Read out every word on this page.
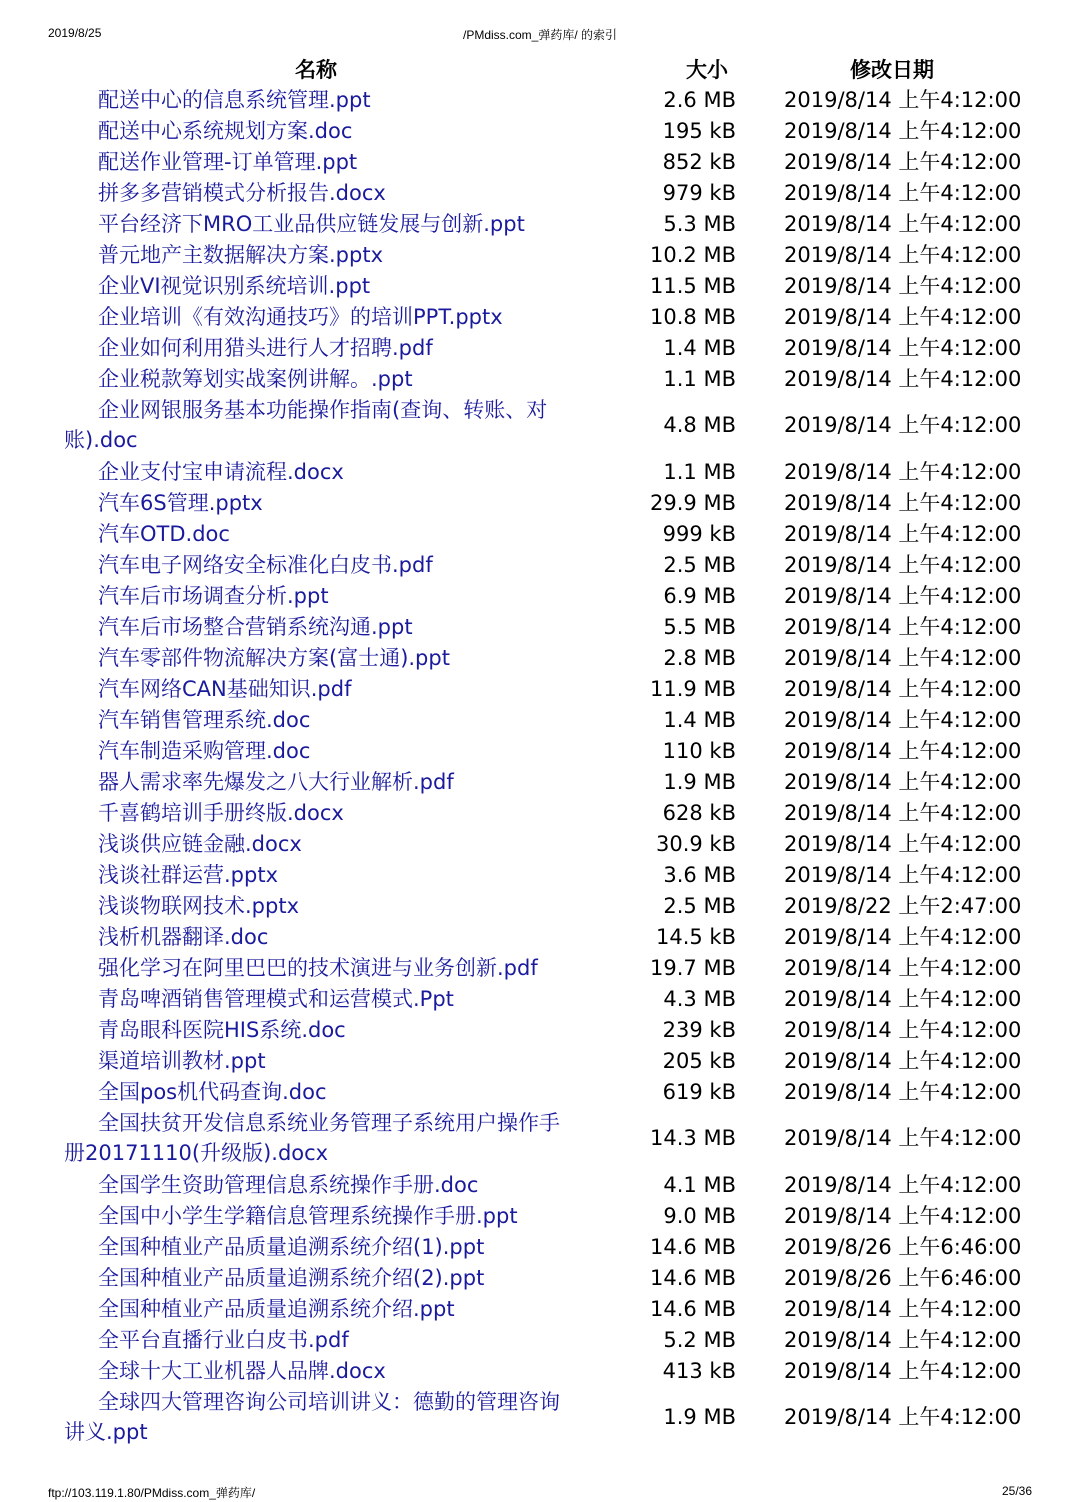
2019/8/25	/PMdiss.com_弹药库/ 的索引
名称	大小	修改日期
配送中心的信息系统管理.ppt	2.6 MB	2019/8/14 上午4:12:00
配送中心系统规划方案.doc	195 kB	2019/8/14 上午4:12:00
配送作业管理-订单管理.ppt	852 kB	2019/8/14 上午4:12:00
拼多多营销模式分析报告.docx	979 kB	2019/8/14 上午4:12:00
平台经济下MRO工业品供应链发展与创新.ppt	5.3 MB	2019/8/14 上午4:12:00
普元地产主数据解决方案.pptx	10.2 MB	2019/8/14 上午4:12:00
企业VI视觉识别系统培训.ppt	11.5 MB	2019/8/14 上午4:12:00
企业培训《有效沟通技巧》的培训PPT.pptx	10.8 MB	2019/8/14 上午4:12:00
企业如何利用猎头进行人才招聘.pdf	1.4 MB	2019/8/14 上午4:12:00
企业税款筹划实战案例讲解。.ppt	1.1 MB	2019/8/14 上午4:12:00
企业网银服务基本功能操作指南(查询、转账、对账).doc	4.8 MB	2019/8/14 上午4:12:00
企业支付宝申请流程.docx	1.1 MB	2019/8/14 上午4:12:00
汽车6S管理.pptx	29.9 MB	2019/8/14 上午4:12:00
汽车OTD.doc	999 kB	2019/8/14 上午4:12:00
汽车电子网络安全标准化白皮书.pdf	2.5 MB	2019/8/14 上午4:12:00
汽车后市场调查分析.ppt	6.9 MB	2019/8/14 上午4:12:00
汽车后市场整合营销系统沟通.ppt	5.5 MB	2019/8/14 上午4:12:00
汽车零部件物流解决方案(富士通).ppt	2.8 MB	2019/8/14 上午4:12:00
汽车网络CAN基础知识.pdf	11.9 MB	2019/8/14 上午4:12:00
汽车销售管理系统.doc	1.4 MB	2019/8/14 上午4:12:00
汽车制造采购管理.doc	110 kB	2019/8/14 上午4:12:00
器人需求率先爆发之八大行业解析.pdf	1.9 MB	2019/8/14 上午4:12:00
千喜鹤培训手册终版.docx	628 kB	2019/8/14 上午4:12:00
浅谈供应链金融.docx	30.9 kB	2019/8/14 上午4:12:00
浅谈社群运营.pptx	3.6 MB	2019/8/14 上午4:12:00
浅谈物联网技术.pptx	2.5 MB	2019/8/22 上午2:47:00
浅析机器翻译.doc	14.5 kB	2019/8/14 上午4:12:00
强化学习在阿里巴巴的技术演进与业务创新.pdf	19.7 MB	2019/8/14 上午4:12:00
青岛啤酒销售管理模式和运营模式.Ppt	4.3 MB	2019/8/14 上午4:12:00
青岛眼科医院HIS系统.doc	239 kB	2019/8/14 上午4:12:00
渠道培训教材.ppt	205 kB	2019/8/14 上午4:12:00
全国pos机代码查询.doc	619 kB	2019/8/14 上午4:12:00
全国扶贫开发信息系统业务管理子系统用户操作手册20171110(升级版).docx	14.3 MB	2019/8/14 上午4:12:00
全国学生资助管理信息系统操作手册.doc	4.1 MB	2019/8/14 上午4:12:00
全国中小学生学籍信息管理系统操作手册.ppt	9.0 MB	2019/8/14 上午4:12:00
全国种植业产品质量追溯系统介绍(1).ppt	14.6 MB	2019/8/26 上午6:46:00
全国种植业产品质量追溯系统介绍(2).ppt	14.6 MB	2019/8/26 上午6:46:00
全国种植业产品质量追溯系统介绍.ppt	14.6 MB	2019/8/14 上午4:12:00
全平台直播行业白皮书.pdf	5.2 MB	2019/8/14 上午4:12:00
全球十大工业机器人品牌.docx	413 kB	2019/8/14 上午4:12:00
全球四大管理咨询公司培训讲义：德勤的管理咨询讲义.ppt	1.9 MB	2019/8/14 上午4:12:00
ftp://103.119.1.80/PMdiss.com_弹药库/	25/36
